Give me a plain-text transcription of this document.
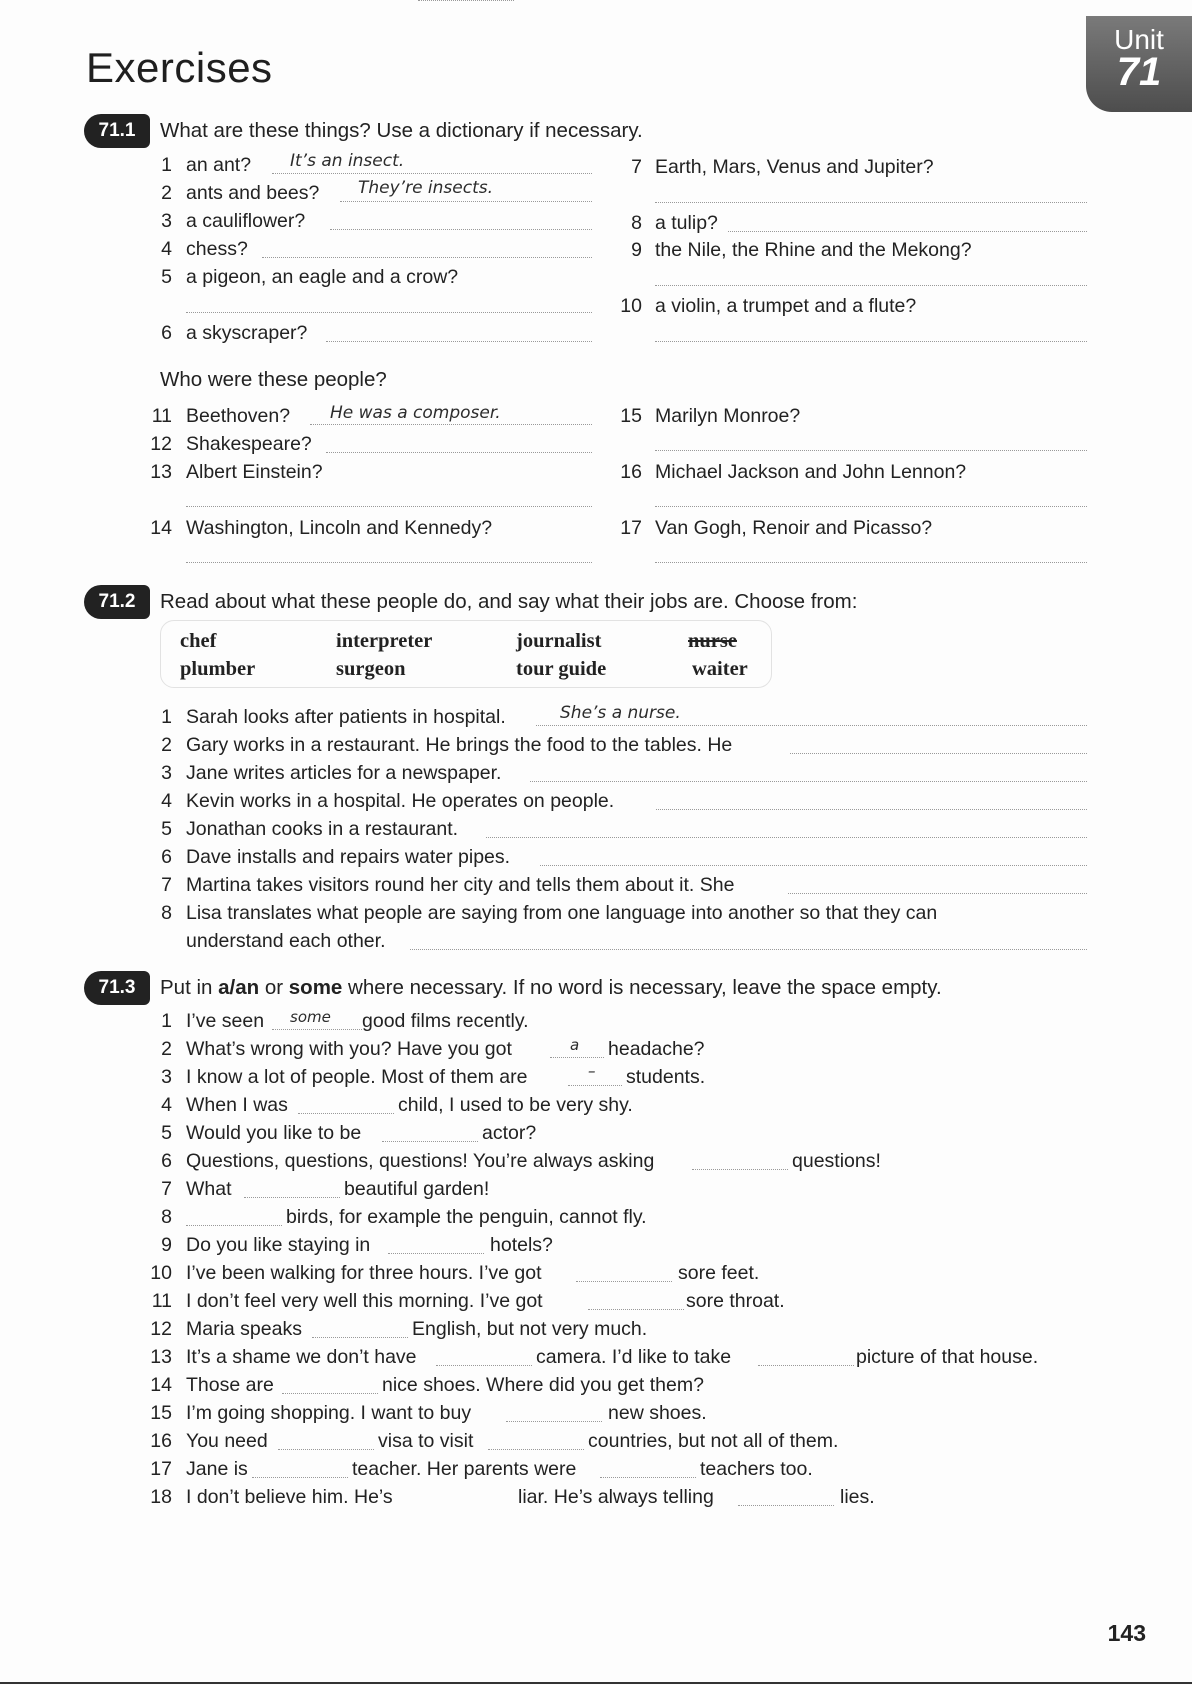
Exercises
Unit
71
71.1	What are these things? Use a dictionary if necessary.
1 an ant? It’s an insect.
2 ants and bees? They’re insects.
3 a cauliflower?
4 chess?
5 a pigeon, an eagle and a crow?
6 a skyscraper?
7 Earth, Mars, Venus and Jupiter?
8 a tulip?
9 the Nile, the Rhine and the Mekong?
10 a violin, a trumpet and a flute?
Who were these people?
11 Beethoven? He was a composer.
12 Shakespeare?
13 Albert Einstein?
14 Washington, Lincoln and Kennedy?
15 Marilyn Monroe?
16 Michael Jackson and John Lennon?
17 Van Gogh, Renoir and Picasso?
71.2	Read about what these people do, and say what their jobs are. Choose from:
chef	interpreter	journalist	nurse
plumber	surgeon	tour guide	waiter
1 Sarah looks after patients in hospital.	She’s a nurse.
2 Gary works in a restaurant. He brings the food to the tables. He
3 Jane writes articles for a newspaper.
4 Kevin works in a hospital. He operates on people.
5 Jonathan cooks in a restaurant.
6 Dave installs and repairs water pipes.
7 Martina takes visitors round her city and tells them about it. She
8 Lisa translates what people are saying from one language into another so that they can
understand each other.
71.3	Put in a/an or some where necessary. If no word is necessary, leave the space empty.
1 I’ve seen some good films recently.
2 What’s wrong with you? Have you got	a headache?
3 I know a lot of people. Most of them are	– students.
4 When I was	child, I used to be very shy.
5 Would you like to be	actor?
6 Questions, questions, questions! You’re always asking	questions!
7 What	beautiful garden!
8	birds, for example the penguin, cannot fly.
9 Do you like staying in	hotels?
10 I’ve been walking for three hours. I’ve got	sore feet.
11 I don’t feel very well this morning. I’ve got	sore throat.
12 Maria speaks	English, but not very much.
13 It’s a shame we don’t have	camera. I’d like to take	picture of that house.
14 Those are	nice shoes. Where did you get them?
15 I’m going shopping. I want to buy	new shoes.
16 You need	visa to visit	countries, but not all of them.
17 Jane is	teacher. Her parents were	teachers too.
18 I don’t believe him. He’s	liar. He’s always telling	lies.
143
